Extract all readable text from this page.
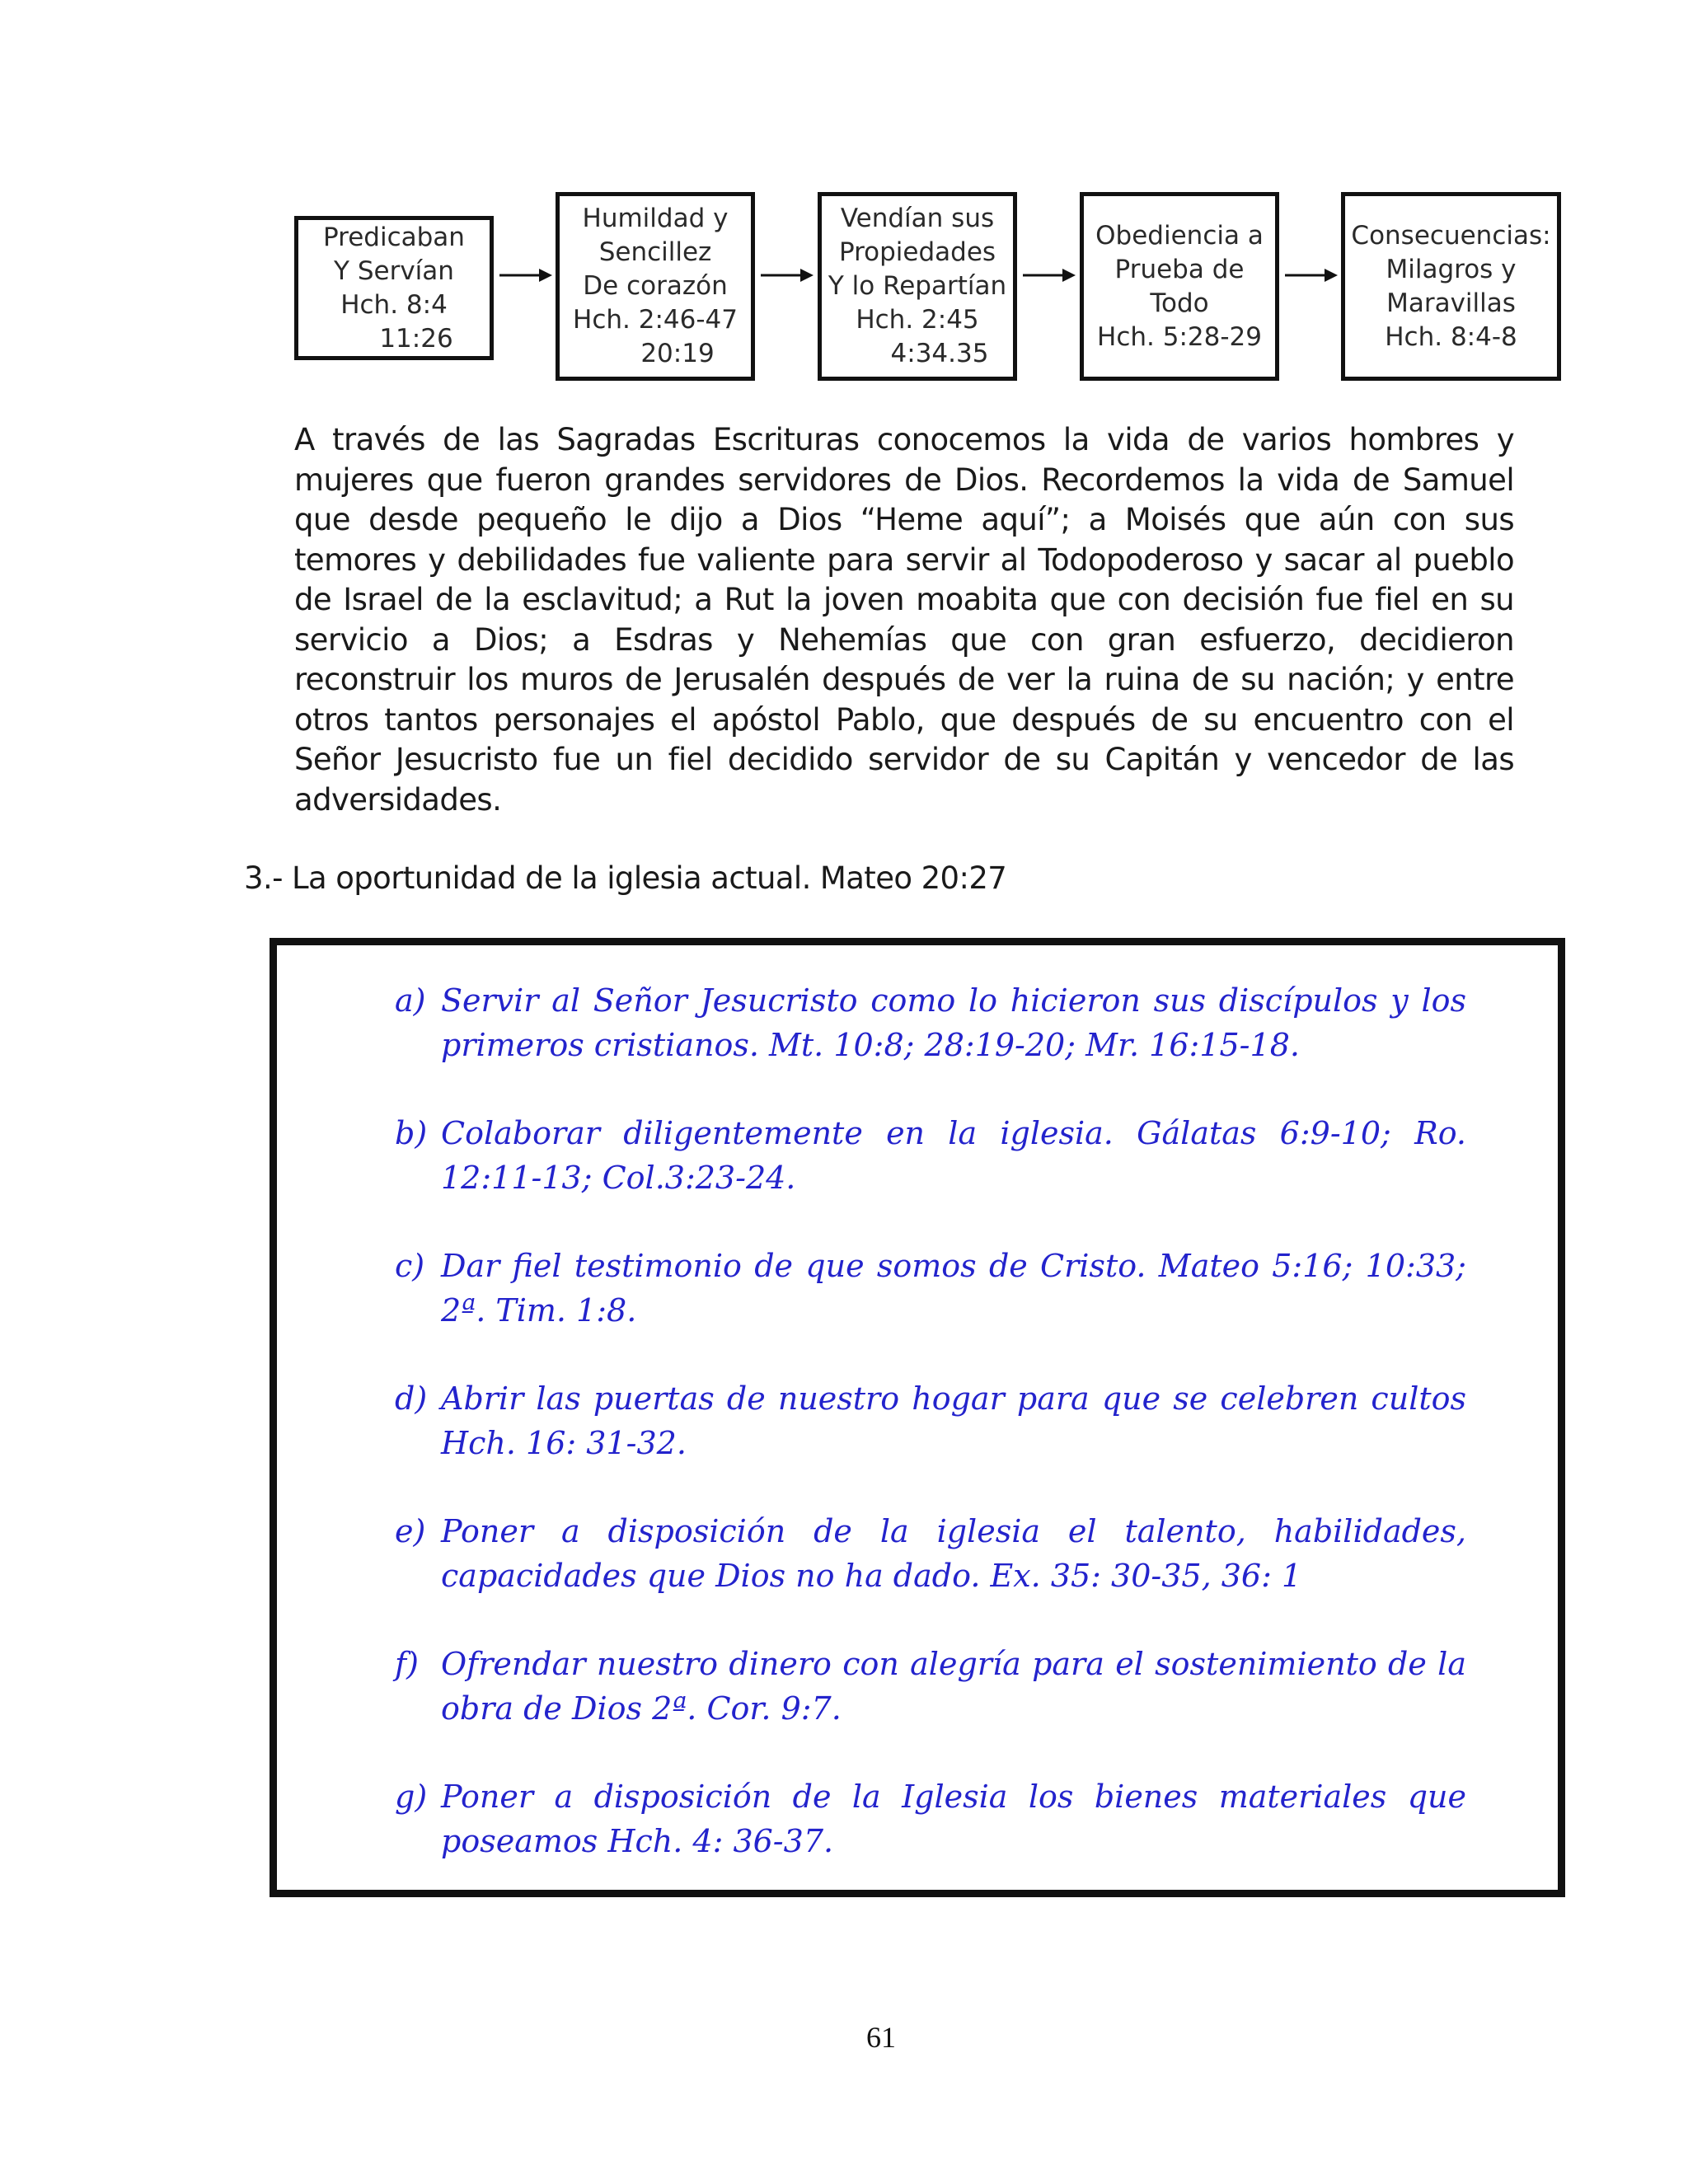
Predicaban
Y Servían
Hch. 8:4
11:26
Humildad y
Sencillez
De corazón
Hch. 2:46-47
20:19
Vendían sus
Propiedades
Y lo Repartían
Hch. 2:45
4:34.35
Obediencia a
Prueba de
Todo
Hch. 5:28-29
Consecuencias:
Milagros y
Maravillas
Hch. 8:4-8

A través de las Sagradas Escrituras conocemos la vida de varios hombres y mujeres que fueron grandes servidores de Dios. Recordemos la vida de Samuel que desde pequeño le dijo a Dios “Heme aquí”; a Moisés que aún con sus temores y debilidades fue valiente para servir al Todopoderoso y sacar al pueblo de Israel de la esclavitud; a Rut la joven moabita que con decisión fue fiel en su servicio a Dios; a Esdras y Nehemías que con gran esfuerzo, decidieron reconstruir los muros de Jerusalén después de ver la ruina de su nación; y entre otros tantos personajes el apóstol Pablo, que después de su encuentro con el Señor Jesucristo fue un fiel decidido servidor de su Capitán y vencedor de las adversidades.

3.- La oportunidad de la iglesia actual. Mateo 20:27
a) Servir al Señor Jesucristo como lo hicieron sus discípulos y los primeros cristianos. Mt. 10:8; 28:19-20; Mr. 16:15-18.
b) Colaborar diligentemente en la iglesia. Gálatas 6:9-10; Ro. 12:11-13; Col.3:23-24.
c) Dar fiel testimonio de que somos de Cristo. Mateo 5:16; 10:33; 2ª. Tim. 1:8.
d) Abrir las puertas de nuestro hogar para que se celebren cultos Hch. 16: 31-32.
e) Poner a disposición de la iglesia el talento, habilidades, capacidades que Dios no ha dado. Ex. 35: 30-35, 36: 1
f) Ofrendar nuestro dinero con alegría para el sostenimiento de la obra de Dios 2ª. Cor. 9:7.
g) Poner a disposición de la Iglesia los bienes materiales que poseamos Hch. 4: 36-37.
61
